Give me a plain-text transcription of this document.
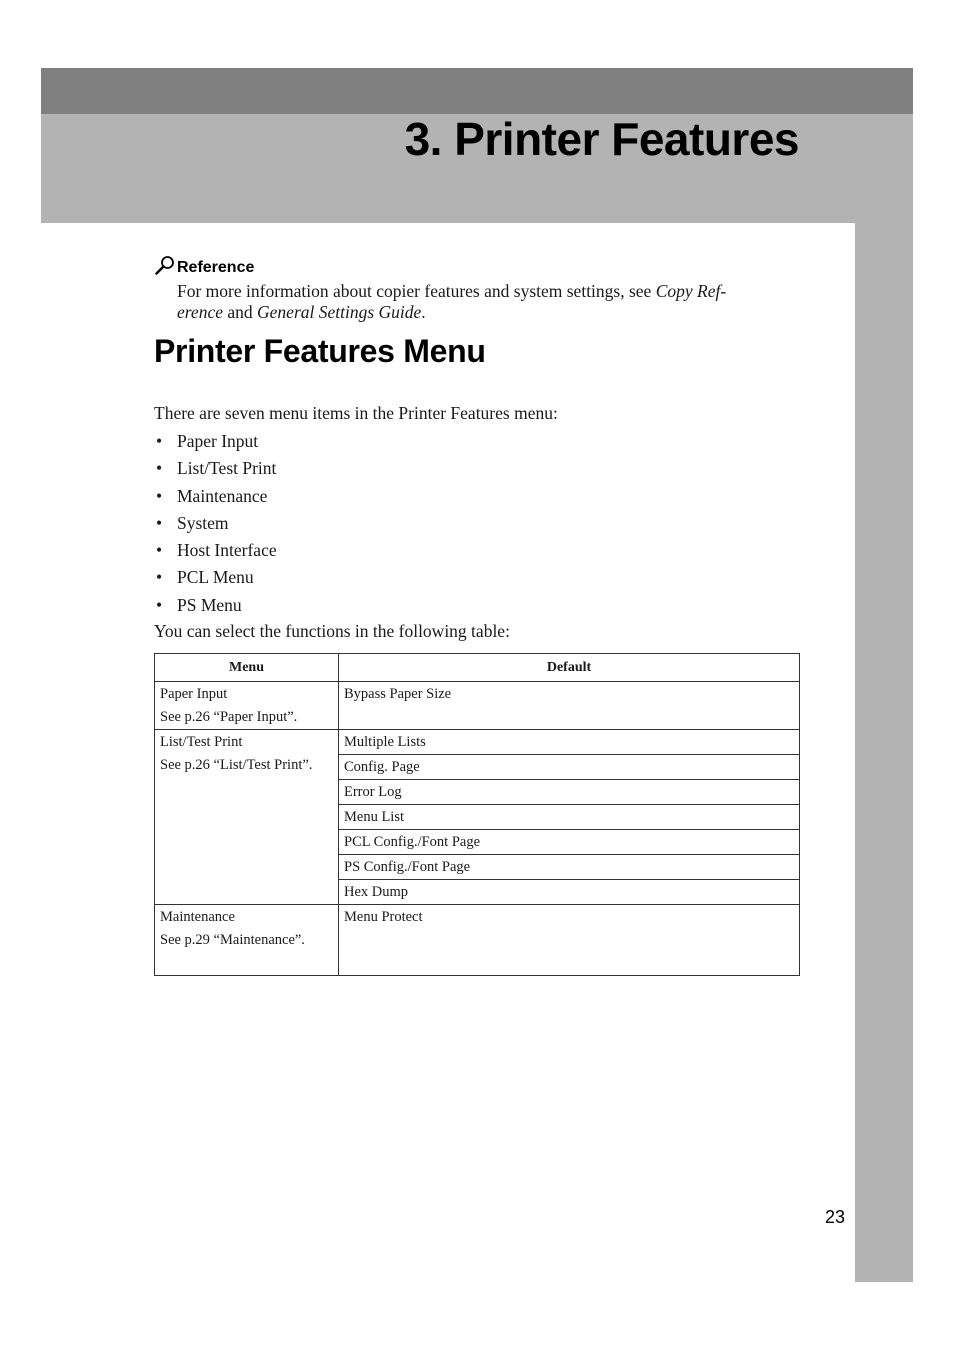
3. Printer Features
Reference

For more information about copier features and system settings, see Copy Ref-
erence and General Settings Guide.

Printer Features Menu

There are seven menu items in the Printer Features menu:

• Paper Input
• List/Test Print
• Maintenance
• System
• Host Interface
• PCL Menu
• PS Menu

You can select the functions in the following table:

Menu	Default

Paper Input
See p.26 “Paper Input”.	Bypass Paper Size

List/Test Print
See p.26 “List/Test Print”.	Multiple Lists
	Config. Page
	Error Log
	Menu List
	PCL Config./Font Page
	PS Config./Font Page
	Hex Dump

Maintenance
See p.29 “Maintenance”.	Menu Protect
23
